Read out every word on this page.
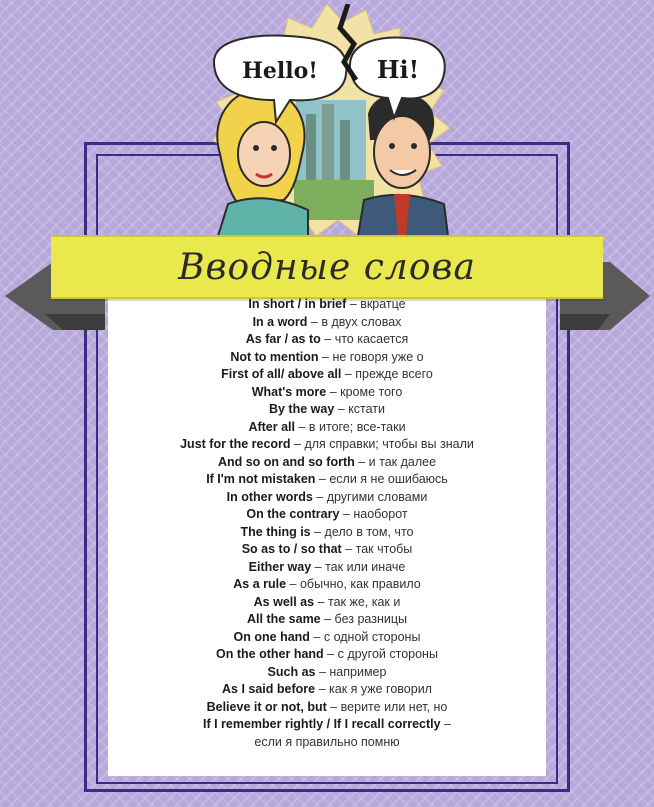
Hello! Hi!
Вводные слова
In short / in brief – вкратце
In a word – в двух словах
As far / as to – что касается
Not to mention – не говоря уже о
First of all/ above all – прежде всего
What's more – кроме того
By the way – кстати
After all – в итоге; все-таки
Just for the record – для справки; чтобы вы знали
And so on and so forth – и так далее
If I'm not mistaken – если я не ошибаюсь
In other words – другими словами
On the contrary – наоборот
The thing is – дело в том, что
So as to / so that – так чтобы
Either way – так или иначе
As a rule – обычно, как правило
As well as – так же, как и
All the same – без разницы
On one hand – с одной стороны
On the other hand – с другой стороны
Such as – например
As I said before – как я уже говорил
Believe it or not, but – верите или нет, но
If I remember rightly / If I recall correctly –
если я правильно помню
